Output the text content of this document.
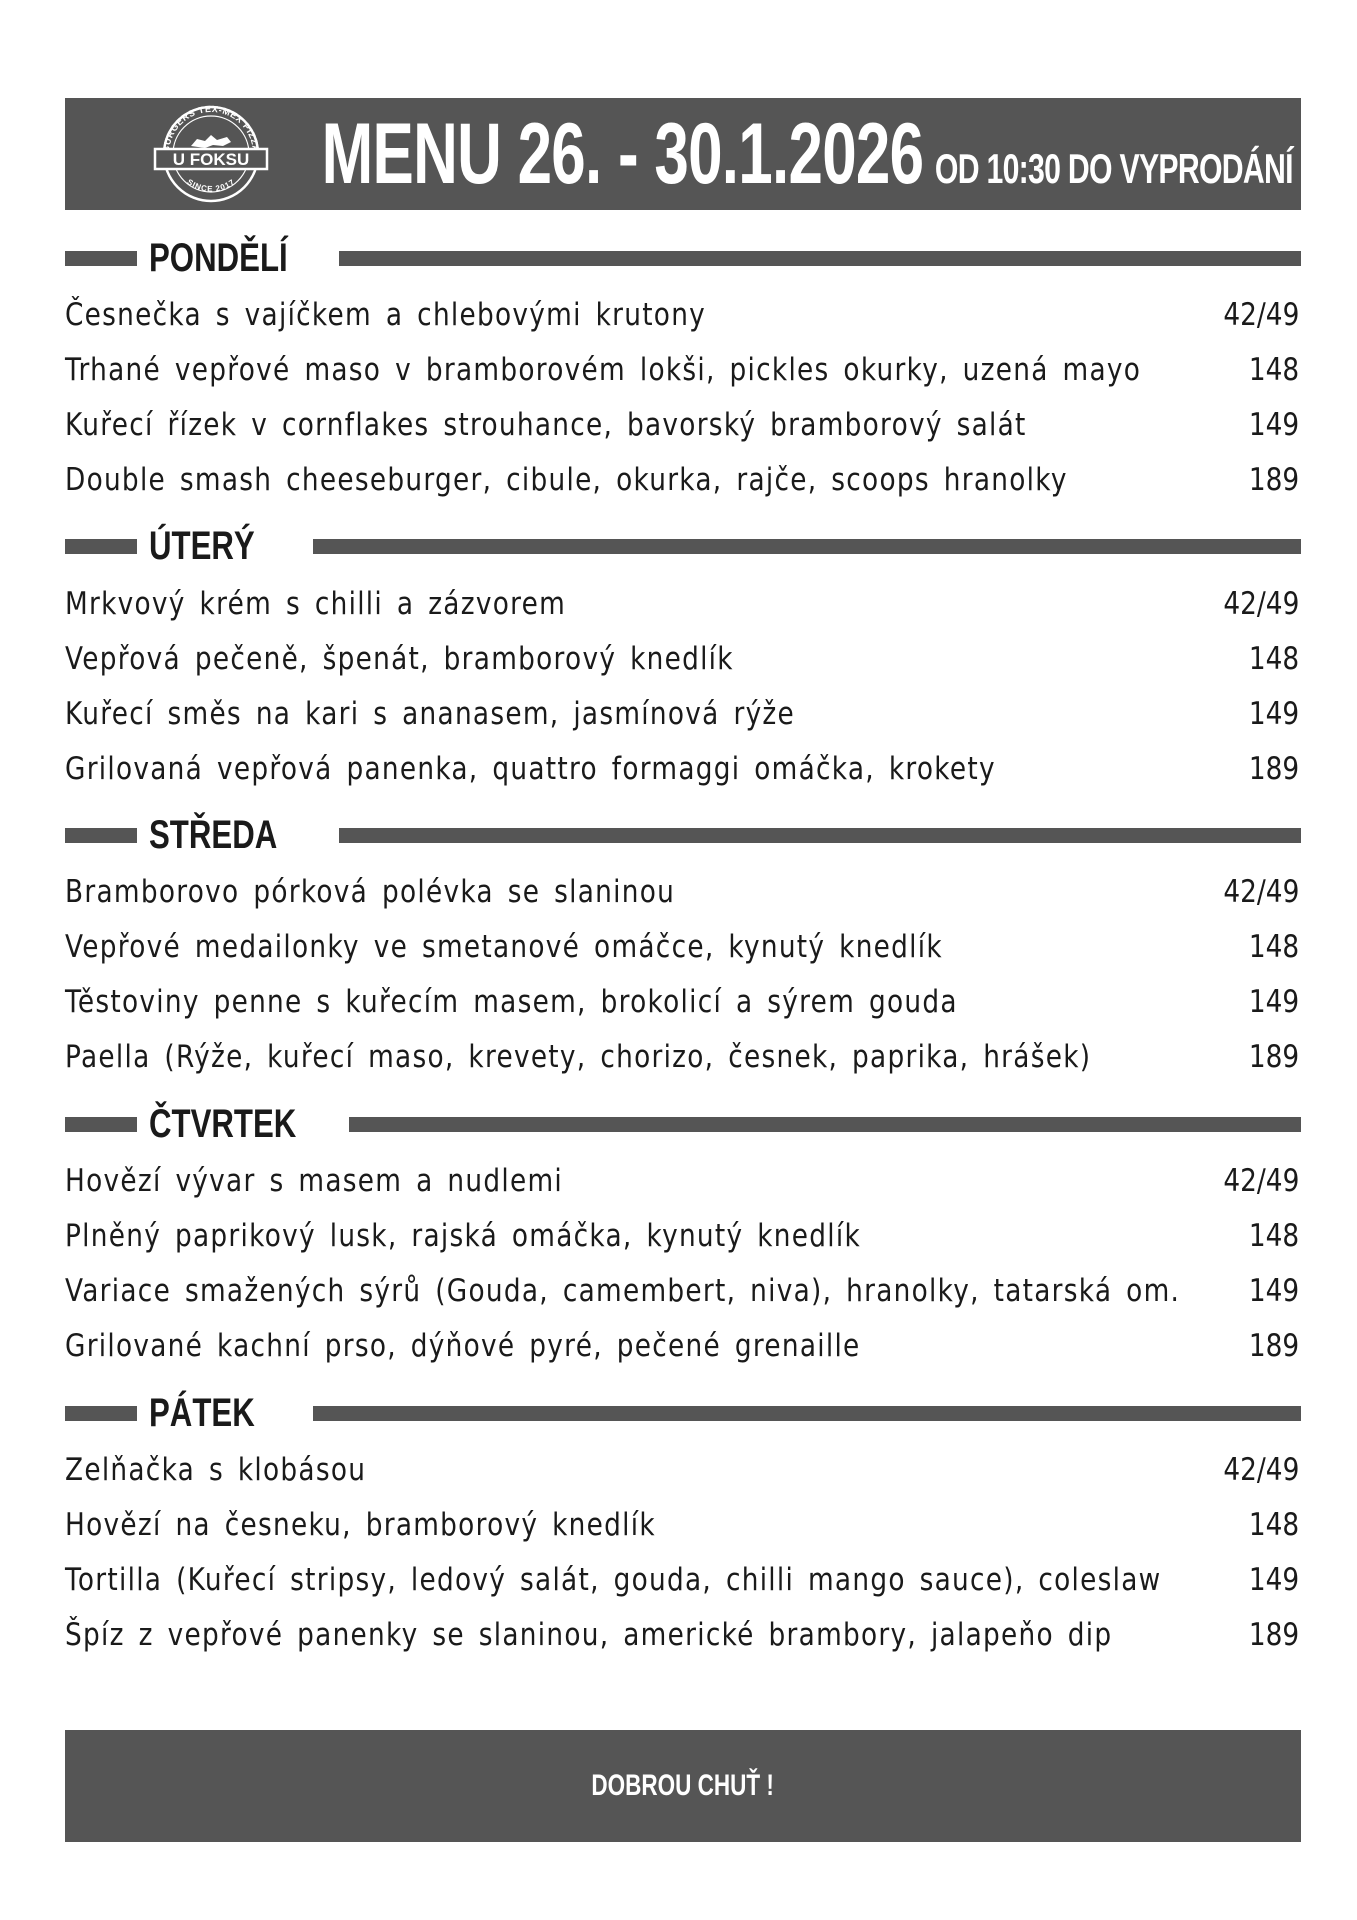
URGERS TEX-MEX PIZZ
SINCE 2017
U FOKSU MENU 26. - 30.1.2026 OD 10:30 DO VYPRODÁNÍ
PONDĚLÍ
Česnečka s vajíčkem a chlebovými krutony	42/49
Trhané vepřové maso v bramborovém lokši, pickles okurky, uzená mayo	148
Kuřecí řízek v cornflakes strouhance, bavorský bramborový salát	149
Double smash cheeseburger, cibule, okurka, rajče, scoops hranolky	189
ÚTERÝ
Mrkvový krém s chilli a zázvorem	42/49
Vepřová pečeně, špenát, bramborový knedlík	148
Kuřecí směs na kari s ananasem, jasmínová rýže	149
Grilovaná vepřová panenka, quattro formaggi omáčka, krokety	189
STŘEDA
Bramborovo pórková polévka se slaninou	42/49
Vepřové medailonky ve smetanové omáčce, kynutý knedlík	148
Těstoviny penne s kuřecím masem, brokolicí a sýrem gouda	149
Paella (Rýže, kuřecí maso, krevety, chorizo, česnek, paprika, hrášek)	189
ČTVRTEK
Hovězí vývar s masem a nudlemi	42/49
Plněný paprikový lusk, rajská omáčka, kynutý knedlík	148
Variace smažených sýrů (Gouda, camembert, niva), hranolky, tatarská om. 149
Grilované kachní prso, dýňové pyré, pečené grenaille	189
PÁTEK
Zelňačka s klobásou	42/49
Hovězí na česneku, bramborový knedlík	148
Tortilla (Kuřecí stripsy, ledový salát, gouda, chilli mango sauce), coleslaw	149
Špíz z vepřové panenky se slaninou, americké brambory, jalapeňo dip	189
DOBROU CHUŤ !
